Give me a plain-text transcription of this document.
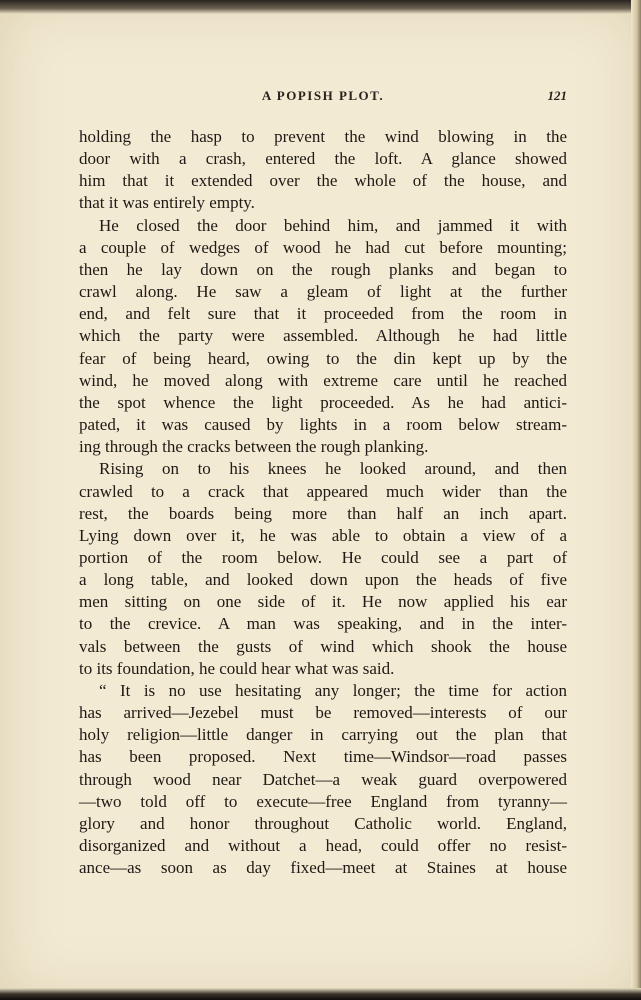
A POPISH PLOT.	121
holding the hasp to prevent the wind blowing in the
door with a crash, entered the loft. A glance showed
him that it extended over the whole of the house, and
that it was entirely empty.
He closed the door behind him, and jammed it with
a couple of wedges of wood he had cut before mounting;
then he lay down on the rough planks and began to
crawl along. He saw a gleam of light at the further
end, and felt sure that it proceeded from the room in
which the party were assembled. Although he had little
fear of being heard, owing to the din kept up by the
wind, he moved along with extreme care until he reached
the spot whence the light proceeded. As he had antici-
pated, it was caused by lights in a room below stream-
ing through the cracks between the rough planking.
Rising on to his knees he looked around, and then
crawled to a crack that appeared much wider than the
rest, the boards being more than half an inch apart.
Lying down over it, he was able to obtain a view of a
portion of the room below. He could see a part of
a long table, and looked down upon the heads of five
men sitting on one side of it. He now applied his ear
to the crevice. A man was speaking, and in the inter-
vals between the gusts of wind which shook the house
to its foundation, he could hear what was said.
“ It is no use hesitating any longer; the time for action
has arrived—Jezebel must be removed—interests of our
holy religion—little danger in carrying out the plan that
has been proposed. Next time—Windsor—road passes
through wood near Datchet—a weak guard overpowered
—two told off to execute—free England from tyranny—
glory and honor throughout Catholic world. England,
disorganized and without a head, could offer no resist-
ance—as soon as day fixed—meet at Staines at house
